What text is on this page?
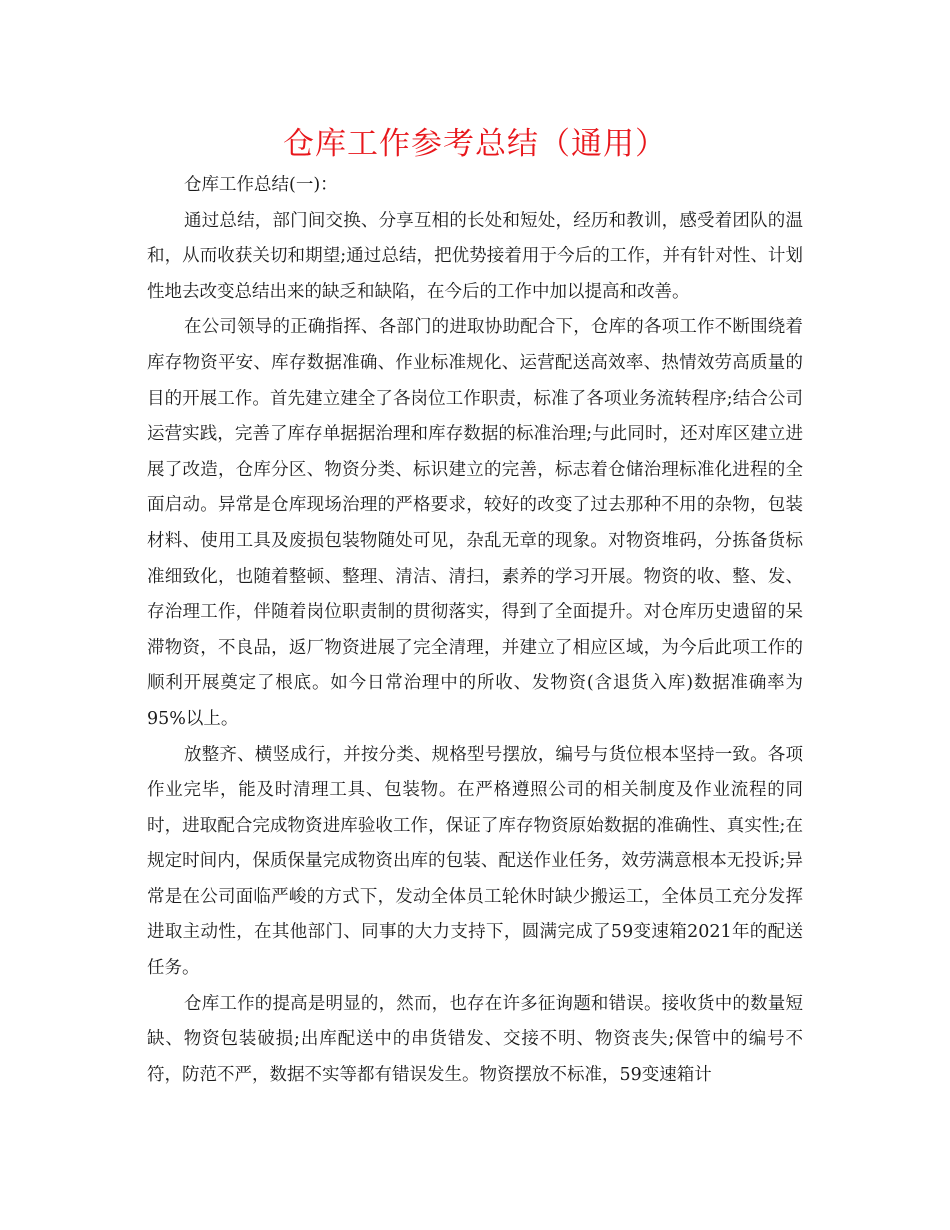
仓库工作参考总结（通用）

仓库工作总结(一)：

通过总结，部门间交换、分享互相的长处和短处，经历和教训，感受着团队的温和，从而收获关切和期望;通过总结，把优势接着用于今后的工作，并有针对性、计划性地去改变总结出来的缺乏和缺陷，在今后的工作中加以提高和改善。

在公司领导的正确指挥、各部门的进取协助配合下，仓库的各项工作不断围绕着库存物资平安、库存数据准确、作业标准规化、运营配送高效率、热情效劳高质量的目的开展工作。首先建立建全了各岗位工作职责，标准了各项业务流转程序;结合公司运营实践，完善了库存单据据治理和库存数据的标准治理;与此同时，还对库区建立进展了改造，仓库分区、物资分类、标识建立的完善，标志着仓储治理标准化进程的全面启动。异常是仓库现场治理的严格要求，较好的改变了过去那种不用的杂物，包装材料、使用工具及废损包装物随处可见，杂乱无章的现象。对物资堆码，分拣备货标准细致化，也随着整顿、整理、清洁、清扫，素养的学习开展。物资的收、整、发、存治理工作，伴随着岗位职责制的贯彻落实，得到了全面提升。对仓库历史遗留的呆滞物资，不良品，返厂物资进展了完全清理，并建立了相应区域，为今后此项工作的顺利开展奠定了根底。如今日常治理中的所收、发物资(含退货入库)数据准确率为95%以上。

放整齐、横竖成行，并按分类、规格型号摆放，编号与货位根本坚持一致。各项作业完毕，能及时清理工具、包装物。在严格遵照公司的相关制度及作业流程的同时，进取配合完成物资进库验收工作，保证了库存物资原始数据的准确性、真实性;在规定时间内，保质保量完成物资出库的包装、配送作业任务，效劳满意根本无投诉;异常是在公司面临严峻的方式下，发动全体员工轮休时缺少搬运工，全体员工充分发挥进取主动性，在其他部门、同事的大力支持下，圆满完成了59变速箱2021年的配送任务。

仓库工作的提高是明显的，然而，也存在许多征询题和错误。接收货中的数量短缺、物资包装破损;出库配送中的串货错发、交接不明、物资丧失;保管中的编号不符，防范不严，数据不实等都有错误发生。物资摆放不标准，59变速箱计
